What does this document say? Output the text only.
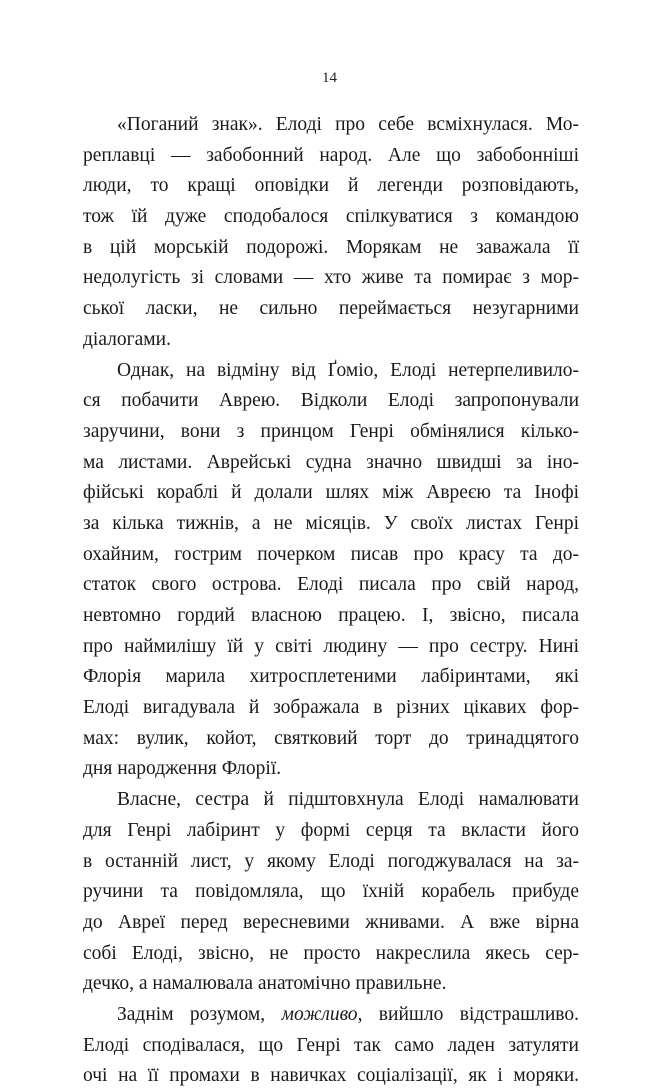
14
«Поганий знак». Елоді про себе всміхнулася. Мо-
реплавці — забобонний народ. Але що забобонніші
люди, то кращі оповідки й легенди розповідають,
тож їй дуже сподобалося спілкуватися з командою
в цій морській подорожі. Морякам не заважала її
недолугість зі словами — хто живе та помирає з мор-
ської ласки, не сильно переймається незугарними
діалогами.
Однак, на відміну від Ґоміо, Елоді нетерпеливило-
ся побачити Аврею. Відколи Елоді запропонували
заручини, вони з принцом Генрі обмінялися кілько-
ма листами. Аврейські судна значно швидші за іно-
фійські кораблі й долали шлях між Авреєю та Інофі
за кілька тижнів, а не місяців. У своїх листах Генрі
охайним, гострим почерком писав про красу та до-
статок свого острова. Елоді писала про свій народ,
невтомно гордий власною працею. І, звісно, писала
про наймилішу їй у світі людину — про сестру. Нині
Флорія марила хитросплетеними лабіринтами, які
Елоді вигадувала й зображала в різних цікавих фор-
мах: вулик, койот, святковий торт до тринадцятого
дня народження Флорії.
Власне, сестра й підштовхнула Елоді намалювати
для Генрі лабіринт у формі серця та вкласти його
в останній лист, у якому Елоді погоджувалася на за-
ручини та повідомляла, що їхній корабель прибуде
до Авреї перед вересневими жнивами. А вже вірна
собі Елоді, звісно, не просто накреслила якесь сер-
дечко, а намалювала анатомічно правильне.
Заднім розумом, можливо, вийшло відстрашливо.
Елоді сподівалася, що Генрі так само ладен затуляти
очі на її промахи в навичках соціалізації, як і моряки.
